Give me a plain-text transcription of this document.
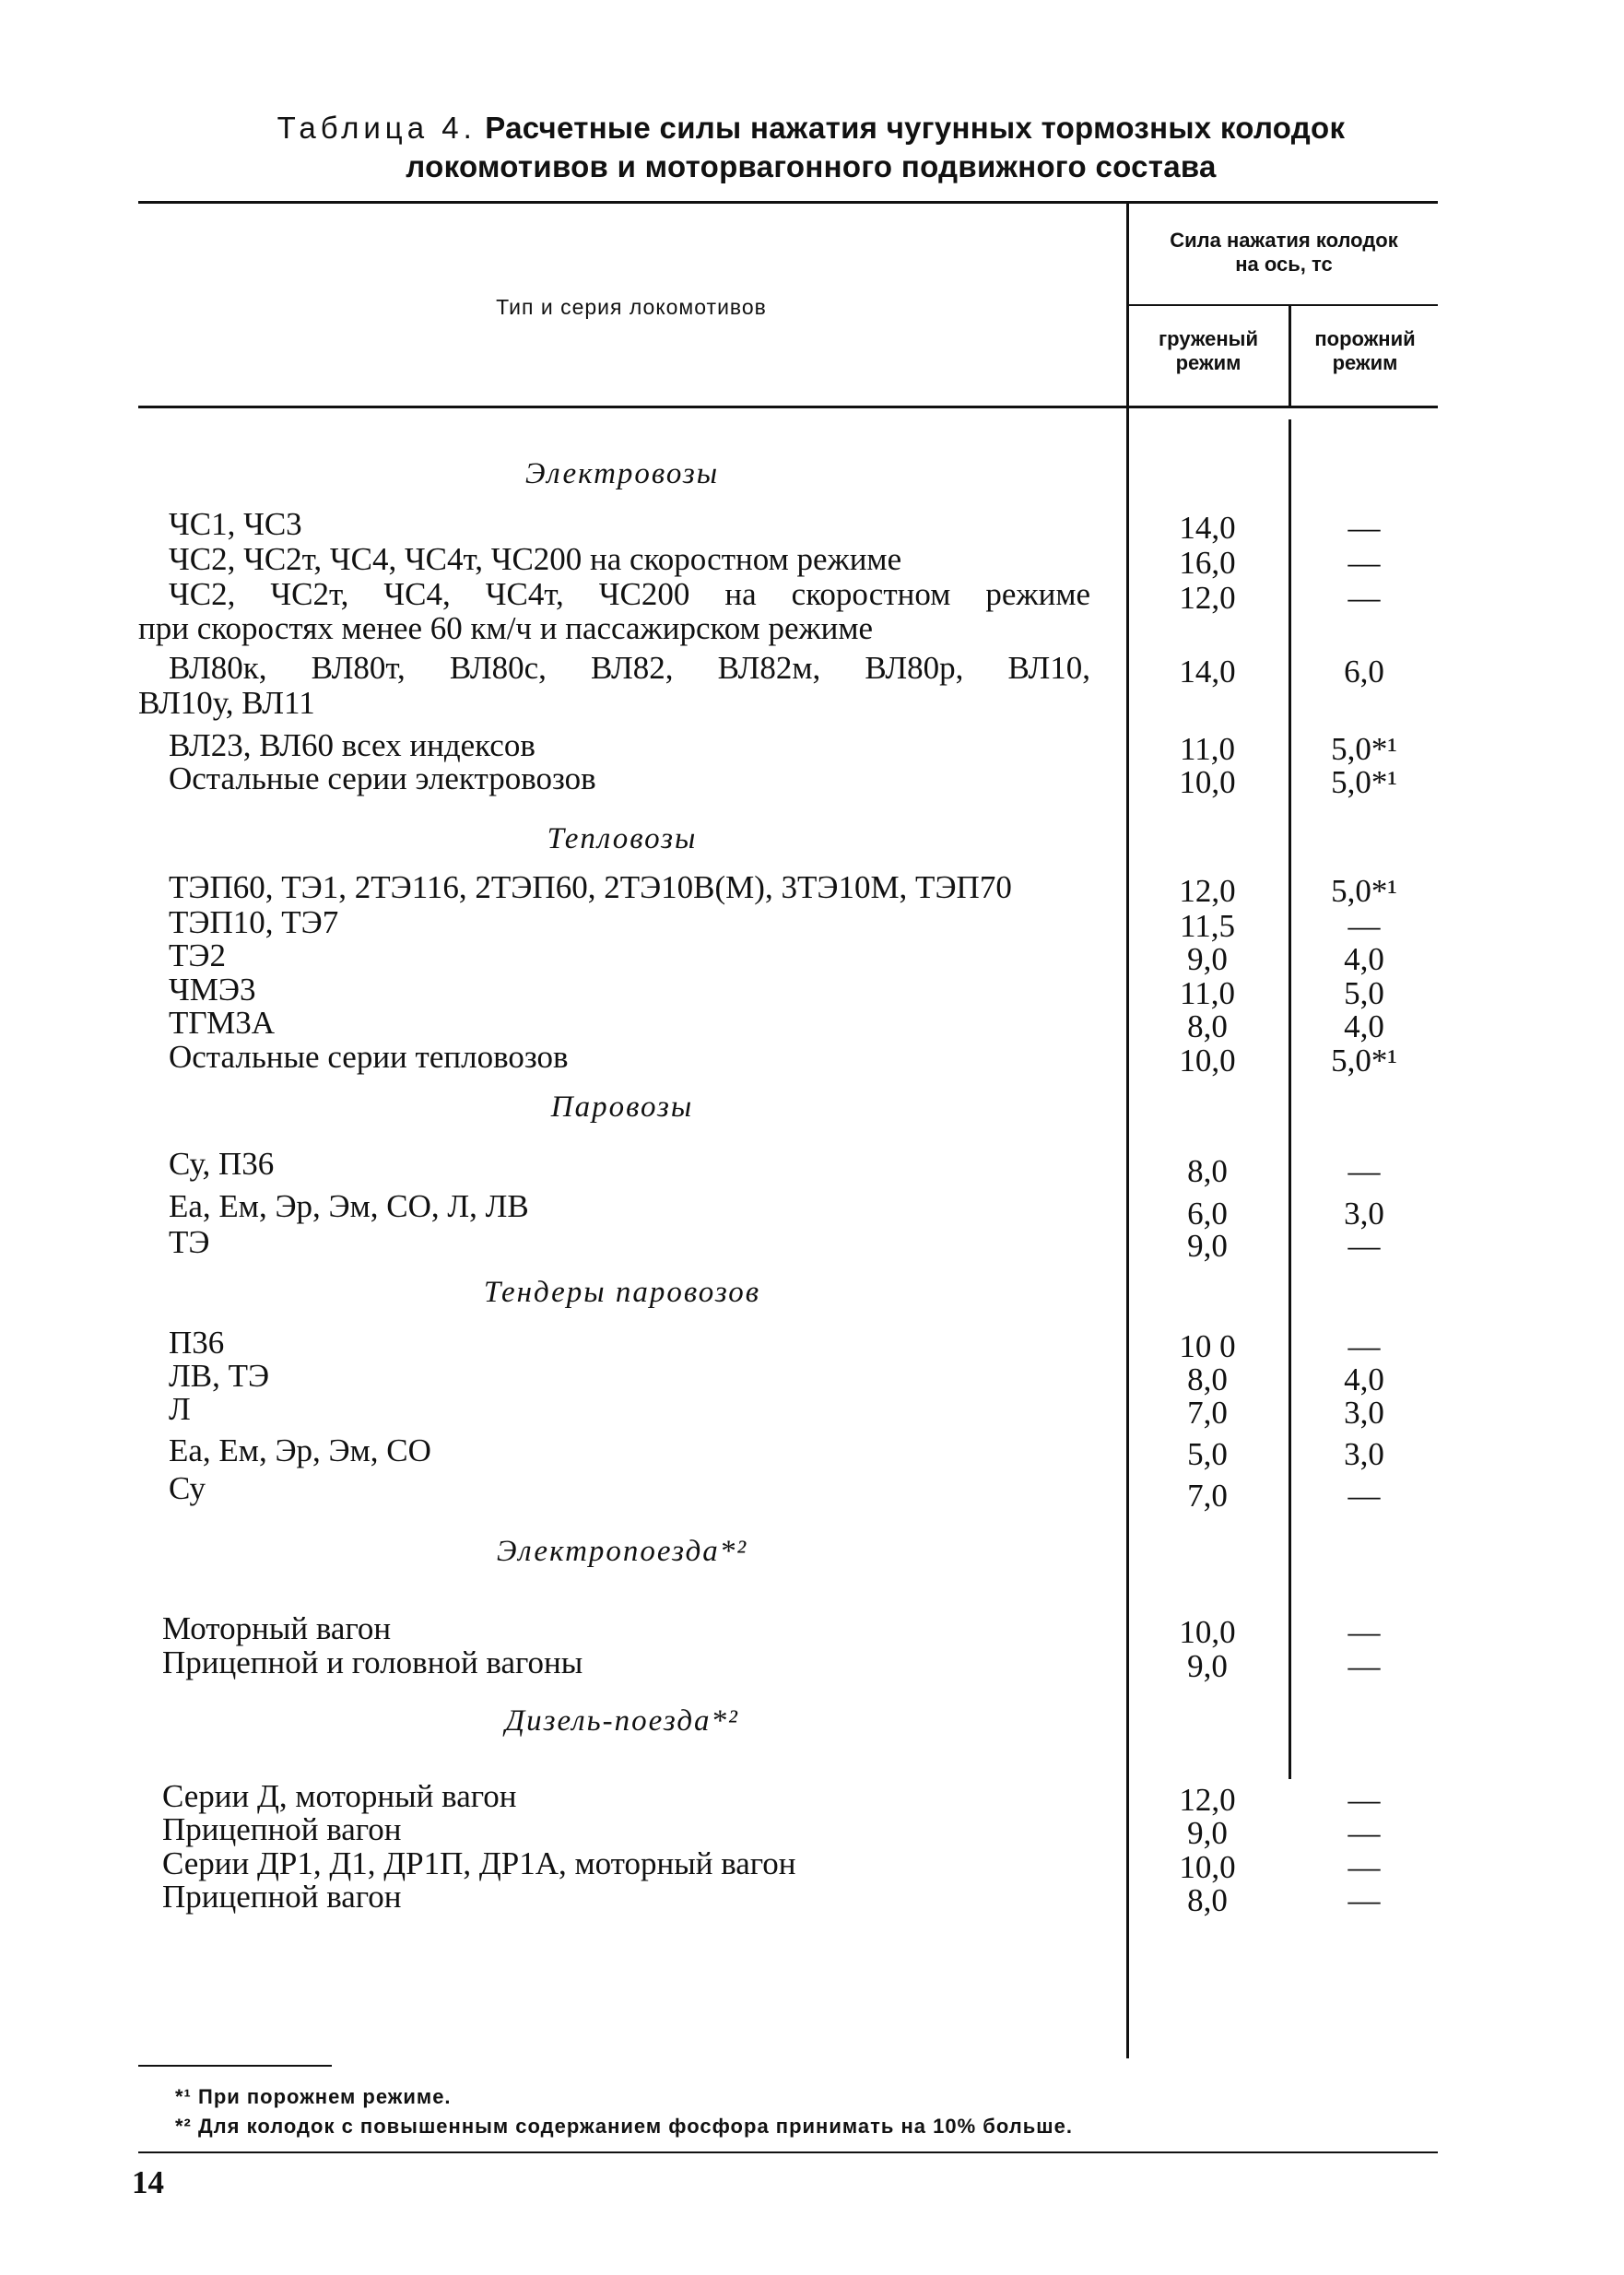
Таблица 4. Расчетные силы нажатия чугунных тормозных колодок
локомотивов и моторвагонного подвижного состава
Тип и серия локомотивов
Сила нажатия колодок
на ось, тс
груженый
режим
порожний
режим
Электровозы
ЧС1, ЧС3	14,0	—
ЧС2, ЧС2т, ЧС4, ЧС4т, ЧС200 на скоростном режиме	16,0	—
ЧС2, ЧС2т, ЧС4, ЧС4т, ЧС200 на скоростном режиме
при скоростях менее 60 км/ч и пассажирском режиме
12,0	—
ВЛ80к, ВЛ80т, ВЛ80с, ВЛ82, ВЛ82м, ВЛ80р, ВЛ10,
ВЛ10у, ВЛ11
14,0	6,0
ВЛ23, ВЛ60 всех индексов	11,0	5,0*¹
Остальные серии электровозов	10,0	5,0*¹
Тепловозы
ТЭП60, ТЭ1, 2ТЭ116, 2ТЭП60, 2ТЭ10В(М), 3ТЭ10М, ТЭП70	12,0	5,0*¹
ТЭП10, ТЭ7	11,5	—
ТЭ2	9,0	4,0
ЧМЭ3	11,0	5,0
ТГМ3А	8,0	4,0
Остальные серии тепловозов	10,0	5,0*¹
Паровозы
Су, П36	8,0	—
Еа, Ем, Эр, Эм, СО, Л, ЛВ	6,0	3,0
ТЭ	9,0	—
Тендеры паровозов
П36	10 0	—
ЛВ, ТЭ	8,0	4,0
Л	7,0	3,0
Еа, Ем, Эр, Эм, СО	5,0	3,0
Су	7,0	—
Электропоезда*²
Моторный вагон	10,0	—
Прицепной и головной вагоны	9,0	—
Дизель-поезда*²
Серии Д, моторный вагон	12,0	—
Прицепной вагон	9,0	—
Серии ДР1, Д1, ДР1П, ДР1А, моторный вагон	10,0	—
Прицепной вагон	8,0	—
*¹ При порожнем режиме.
*² Для колодок с повышенным содержанием фосфора принимать на 10% больше.
14
